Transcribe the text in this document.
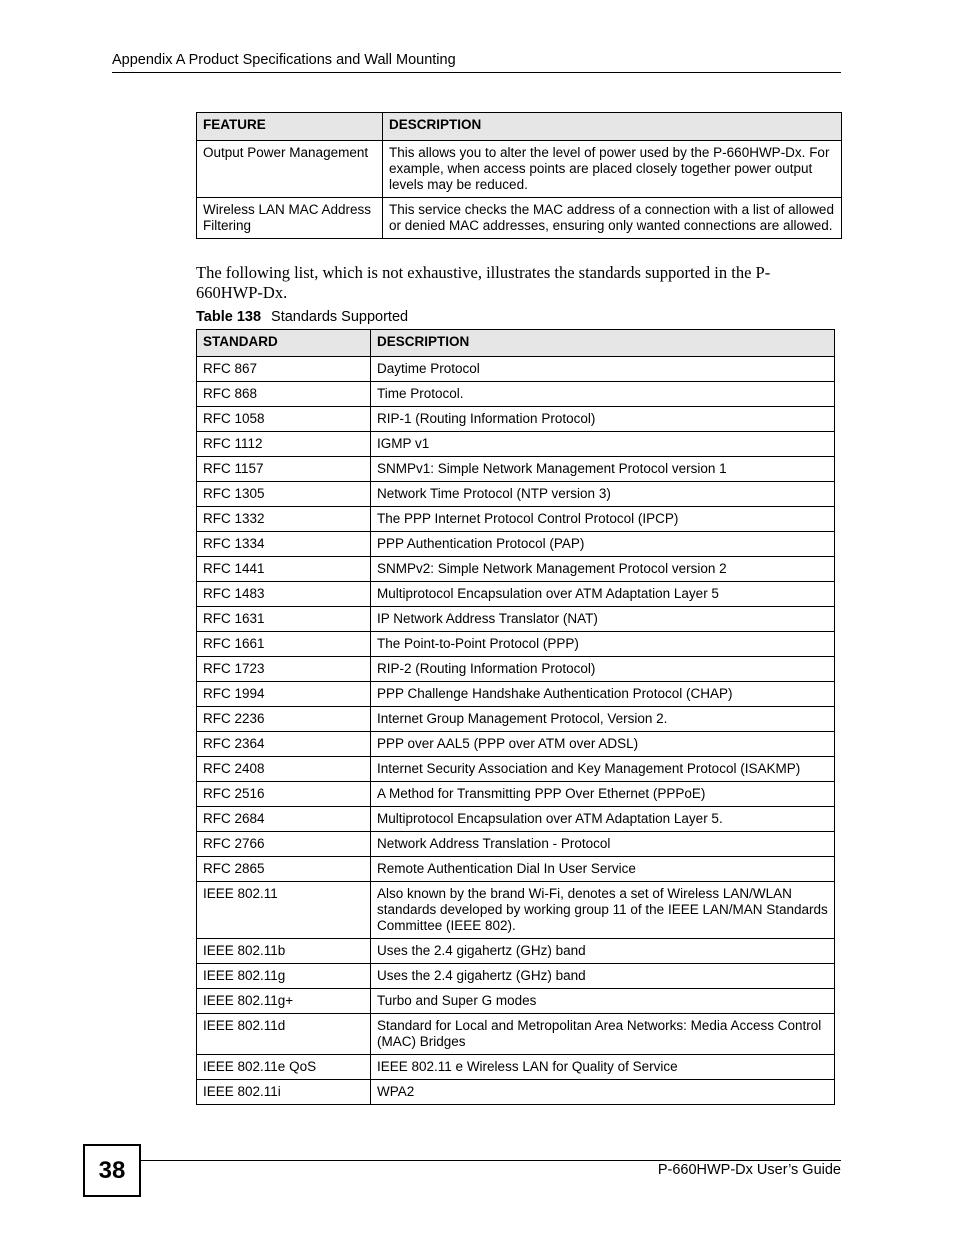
Appendix A Product Specifications and Wall Mounting
FEATURE	DESCRIPTION
Output Power Management	This allows you to alter the level of power used by the P-660HWP-Dx. For example, when access points are placed closely together power output levels may be reduced.
Wireless LAN MAC Address Filtering	This service checks the MAC address of a connection with a list of allowed or denied MAC addresses, ensuring only wanted connections are allowed.
The following list, which is not exhaustive, illustrates the standards supported in the P-660HWP-Dx.
Table 138 Standards Supported
STANDARD	DESCRIPTION
RFC 867	Daytime Protocol
RFC 868	Time Protocol.
RFC 1058	RIP-1 (Routing Information Protocol)
RFC 1112	IGMP v1
RFC 1157	SNMPv1: Simple Network Management Protocol version 1
RFC 1305	Network Time Protocol (NTP version 3)
RFC 1332	The PPP Internet Protocol Control Protocol (IPCP)
RFC 1334	PPP Authentication Protocol (PAP)
RFC 1441	SNMPv2: Simple Network Management Protocol version 2
RFC 1483	Multiprotocol Encapsulation over ATM Adaptation Layer 5
RFC 1631	IP Network Address Translator (NAT)
RFC 1661	The Point-to-Point Protocol (PPP)
RFC 1723	RIP-2 (Routing Information Protocol)
RFC 1994	PPP Challenge Handshake Authentication Protocol (CHAP)
RFC 2236	Internet Group Management Protocol, Version 2.
RFC 2364	PPP over AAL5 (PPP over ATM over ADSL)
RFC 2408	Internet Security Association and Key Management Protocol (ISAKMP)
RFC 2516	A Method for Transmitting PPP Over Ethernet (PPPoE)
RFC 2684	Multiprotocol Encapsulation over ATM Adaptation Layer 5.
RFC 2766	Network Address Translation - Protocol
RFC 2865	Remote Authentication Dial In User Service
IEEE 802.11	Also known by the brand Wi-Fi, denotes a set of Wireless LAN/WLAN standards developed by working group 11 of the IEEE LAN/MAN Standards Committee (IEEE 802).
IEEE 802.11b	Uses the 2.4 gigahertz (GHz) band
IEEE 802.11g	Uses the 2.4 gigahertz (GHz) band
IEEE 802.11g+	Turbo and Super G modes
IEEE 802.11d	Standard for Local and Metropolitan Area Networks: Media Access Control (MAC) Bridges
IEEE 802.11e QoS	IEEE 802.11 e Wireless LAN for Quality of Service
IEEE 802.11i	WPA2
38	P-660HWP-Dx User’s Guide
